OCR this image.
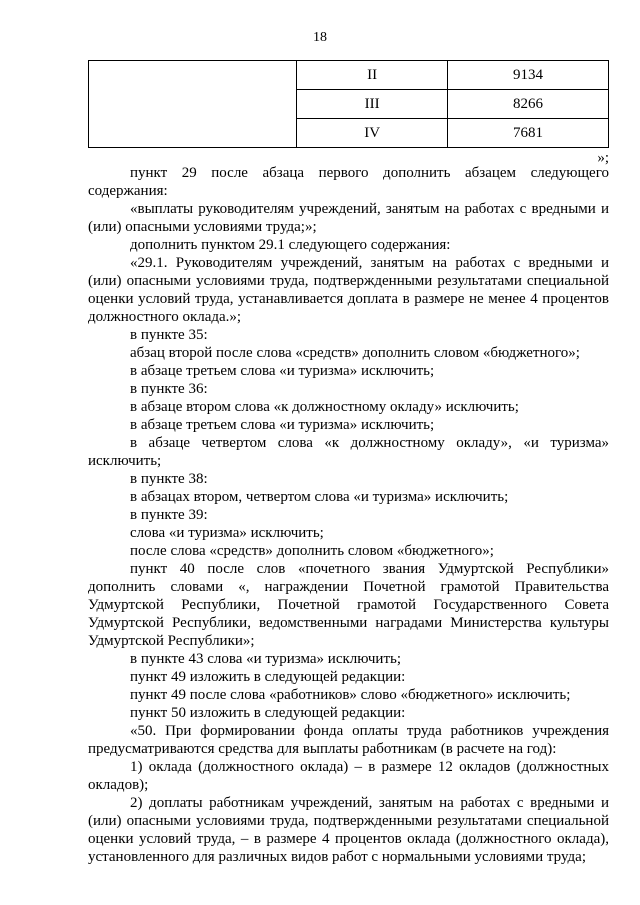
18
	II	9134
	III	8266
	IV	7681
»;

пункт 29 после абзаца первого дополнить абзацем следующего содержания:

«выплаты руководителям учреждений, занятым на работах с вредными и (или) опасными условиями труда;»;

дополнить пунктом 29.1 следующего содержания:

«29.1. Руководителям учреждений, занятым на работах с вредными и (или) опасными условиями труда, подтвержденными результатами специальной оценки условий труда, устанавливается доплата в размере не менее 4 процентов должностного оклада.»;

в пункте 35:

абзац второй после слова «средств» дополнить словом «бюджетного»;

в абзаце третьем слова «и туризма» исключить;

в пункте 36:

в абзаце втором слова «к должностному окладу» исключить;

в абзаце третьем слова «и туризма» исключить;

в абзаце четвертом слова «к должностному окладу», «и туризма» исключить;

в пункте 38:

в абзацах втором, четвертом слова «и туризма» исключить;

в пункте 39:

слова «и туризма» исключить;

после слова «средств» дополнить словом «бюджетного»;

пункт 40 после слов «почетного звания Удмуртской Республики» дополнить словами «, награждении Почетной грамотой Правительства Удмуртской Республики, Почетной грамотой Государственного Совета Удмуртской Республики, ведомственными наградами Министерства культуры Удмуртской Республики»;

в пункте 43 слова «и туризма» исключить;

пункт 49 изложить в следующей редакции:

пункт 49 после слова «работников» слово «бюджетного» исключить;

пункт 50 изложить в следующей редакции:

«50. При формировании фонда оплаты труда работников учреждения предусматриваются средства для выплаты работникам (в расчете на год):

1) оклада (должностного оклада) – в размере 12 окладов (должностных окладов);

2) доплаты работникам учреждений, занятым на работах с вредными и (или) опасными условиями труда, подтвержденными результатами специальной оценки условий труда, – в размере 4 процентов оклада (должностного оклада), установленного для различных видов работ с нормальными условиями труда;
